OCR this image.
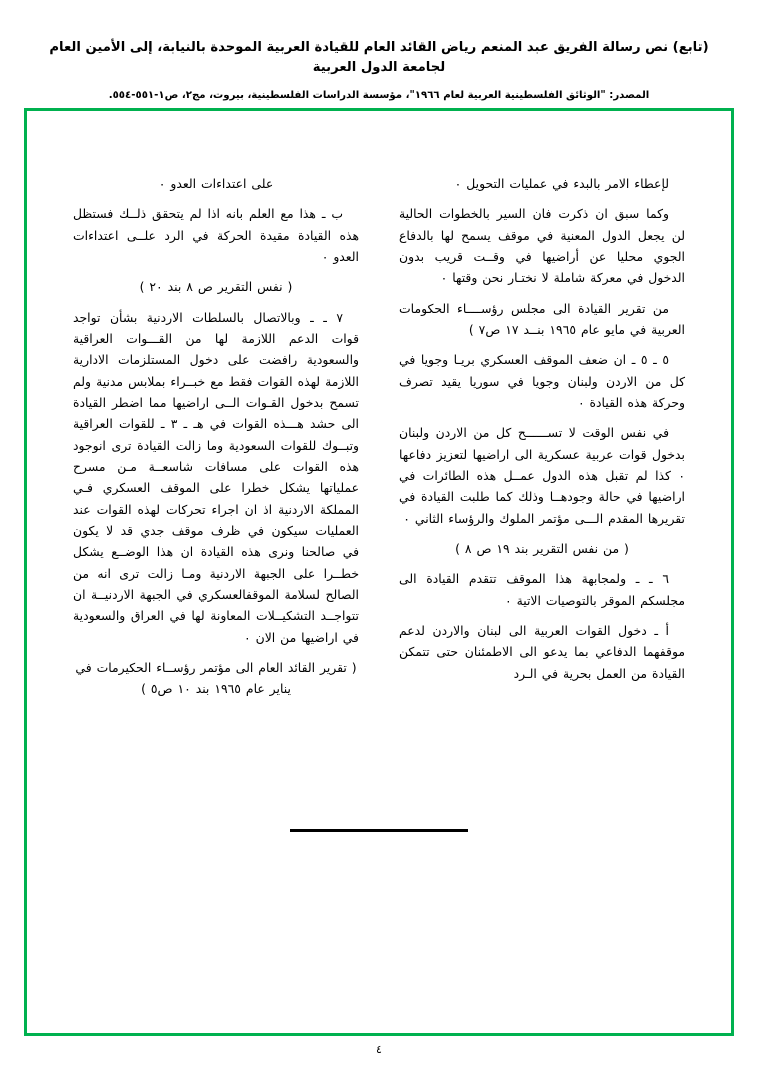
(تابع) نص رسالة الفريق عبد المنعم رياض القائد العام للقيادة العربية الموحدة بالنيابة، إلى الأمين العام لجامعة الدول العربية
المصدر: "الوثائق الفلسطينية العربية لعام ١٩٦٦"، مؤسسة الدراسات الفلسطينية، بيروت، مج٢، ص١-٥٥١-٥٥٤.

لإعطاء الامر بالبدء في عمليات التحويل ٠

وكما سبق ان ذكرت فان السير بالخطوات الحالية لن يجعل الدول المعنية في موقف يسمح لها بالدفاع الجوي محليا عن أراضيها في وقــت قريب بدون الدخول في معركة شاملة لا نختـار نحن وقتها ٠

من تقرير القيادة الى مجلس رؤســــاء الحكومات العربية في مايو عام ١٩٦٥ بنــد ١٧ ص٧ )

٥ ـ ٥ ـ ان ضعف الموقف العسكري بريـا وجويا في كل من الاردن ولبنان وجويا في سوريا يقيد تصرف وحركة هذه القيادة ٠

في نفس الوقت لا تســــــح كل من الاردن ولبنان بدخول قوات عربية عسكرية الى اراضيها لتعزيز دفاعها ٠ كذا لم تقبل هذه الدول عمــل هذه الطائرات في اراضيها في حالة وجودهــا وذلك كما طلبت القيادة في تقريرها المقدم الـــى مؤتمر الملوك والرؤساء الثاني ٠

( من نفس التقرير بند ١٩ ص ٨ )

٦ ـ ـ ولمجابهة هذا الموقف تتقدم القيادة الى مجلسكم الموقر بالتوصيات الاتية ٠

أ ـ دخول القوات العربية الى لبنان والاردن لدعم موقفهما الدفاعي بما يدعو الى الاطمئنان حتى تتمكن القيادة من العمل بحرية في الـرد

على اعتداءات العدو ٠

ب ـ هذا مع العلم بانه اذا لم يتحقق ذلــك فستظل هذه القيادة مقيدة الحركة في الرد علــى اعتداءات العدو ٠

( نفس التقرير ص ٨ بند ٢٠ )

٧ ـ ـ وبالاتصال بالسلطات الاردنية بشأن تواجد قوات الدعم اللازمة لها من القـــوات العراقية والسعودية رافضت على دخول المستلزمات الادارية اللازمة لهذه القوات فقط مع خبــراء بملابس مدنية ولم تسمح بدخول القـوات الــى اراضيها مما اضطر القيادة الى حشد هـــذه القوات في هـ ـ ٣ ـ للقوات العراقية وتبــوك للقوات السعودية وما زالت القيادة ترى انوجود هذه القوات على مسافات شاسعــة مـن مسرح عملياتها يشكل خطرا على الموقف العسكري فـي المملكة الاردنية اذ ان اجراء تحركات لهذه القوات عند العمليات سيكون في ظرف موقف جدي قد لا يكون في صالحنا ونرى هذه القيادة ان هذا الوضــع يشكل خطــرا على الجبهة الاردنية ومـا زالت ترى انه من الصالح لسلامة الموقفالعسكري في الجبهة الاردنيــة ان تتواجــد التشكيــلات المعاونة لها في العراق والسعودية في اراضيها من الان ٠

( تقرير القائد العام الى مؤتمر رؤســاء الحكيرمات في يناير عام ١٩٦٥ بند ١٠ ص٥ )

٤
